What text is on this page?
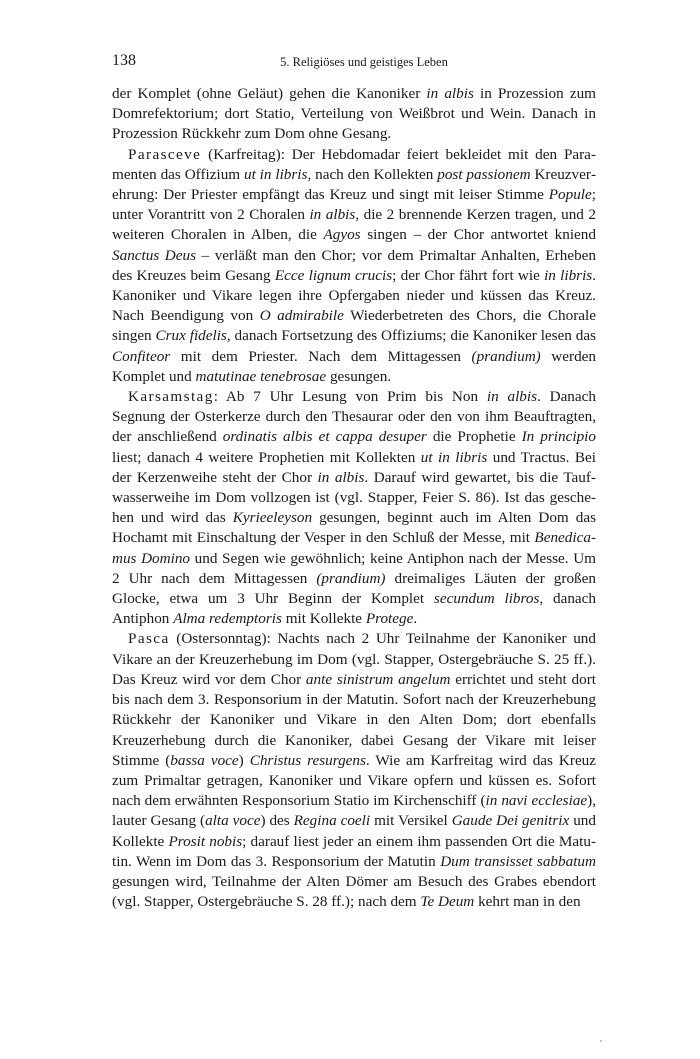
138	5. Religiöses und geistiges Leben

der Komplet (ohne Geläut) gehen die Kanoniker in albis in Prozession zum Domrefektorium; dort Statio, Verteilung von Weißbrot und Wein. Danach in Prozession Rückkehr zum Dom ohne Gesang.

Parasceve (Karfreitag): Der Hebdomadar feiert bekleidet mit den Paramenten das Offizium ut in libris, nach den Kollekten post passionem Kreuzverehrung: Der Priester empfängt das Kreuz und singt mit leiser Stimme Popule; unter Vorantritt von 2 Choralen in albis, die 2 brennende Kerzen tragen, und 2 weiteren Choralen in Alben, die Agyos singen – der Chor antwortet kniend Sanctus Deus – verläßt man den Chor; vor dem Primaltar Anhalten, Erheben des Kreuzes beim Gesang Ecce lignum crucis; der Chor fährt fort wie in libris. Kanoniker und Vikare legen ihre Opfergaben nieder und küssen das Kreuz. Nach Beendigung von O admirabile Wiederbetreten des Chors, die Chorale singen Crux fidelis, danach Fortsetzung des Offiziums; die Kanoniker lesen das Confiteor mit dem Priester. Nach dem Mittagessen (prandium) werden Komplet und matutinae tenebrosae gesungen.

Karsamstag: Ab 7 Uhr Lesung von Prim bis Non in albis. Danach Segnung der Osterkerze durch den Thesaurar oder den von ihm Beauftragten, der anschließend ordinatis albis et cappa desuper die Prophetie In principio liest; danach 4 weitere Prophetien mit Kollekten ut in libris und Tractus. Bei der Kerzenweihe steht der Chor in albis. Darauf wird gewartet, bis die Taufwasserweihe im Dom vollzogen ist (vgl. Stapper, Feier S. 86). Ist das geschehen und wird das Kyrieeleyson gesungen, beginnt auch im Alten Dom das Hochamt mit Einschaltung der Vesper in den Schluß der Messe, mit Benedicamus Domino und Segen wie gewöhnlich; keine Antiphon nach der Messe. Um 2 Uhr nach dem Mittagessen (prandium) dreimaliges Läuten der großen Glocke, etwa um 3 Uhr Beginn der Komplet secundum libros, danach Antiphon Alma redemptoris mit Kollekte Protege.

Pasca (Ostersonntag): Nachts nach 2 Uhr Teilnahme der Kanoniker und Vikare an der Kreuzerhebung im Dom (vgl. Stapper, Ostergebräuche S. 25 ff.). Das Kreuz wird vor dem Chor ante sinistrum angelum errichtet und steht dort bis nach dem 3. Responsorium in der Matutin. Sofort nach der Kreuzerhebung Rückkehr der Kanoniker und Vikare in den Alten Dom; dort ebenfalls Kreuzerhebung durch die Kanoniker, dabei Gesang der Vikare mit leiser Stimme (bassa voce) Christus resurgens. Wie am Karfreitag wird das Kreuz zum Primaltar getragen, Kanoniker und Vikare opfern und küssen es. Sofort nach dem erwähnten Responsorium Statio im Kirchenschiff (in navi ecclesiae), lauter Gesang (alta voce) des Regina coeli mit Versikel Gaude Dei genitrix und Kollekte Prosit nobis; darauf liest jeder an einem ihm passenden Ort die Matutin. Wenn im Dom das 3. Responsorium der Matutin Dum transisset sabbatum gesungen wird, Teilnahme der Alten Dömer am Besuch des Grabes ebendort (vgl. Stapper, Ostergebräuche S. 28 ff.); nach dem Te Deum kehrt man in den
